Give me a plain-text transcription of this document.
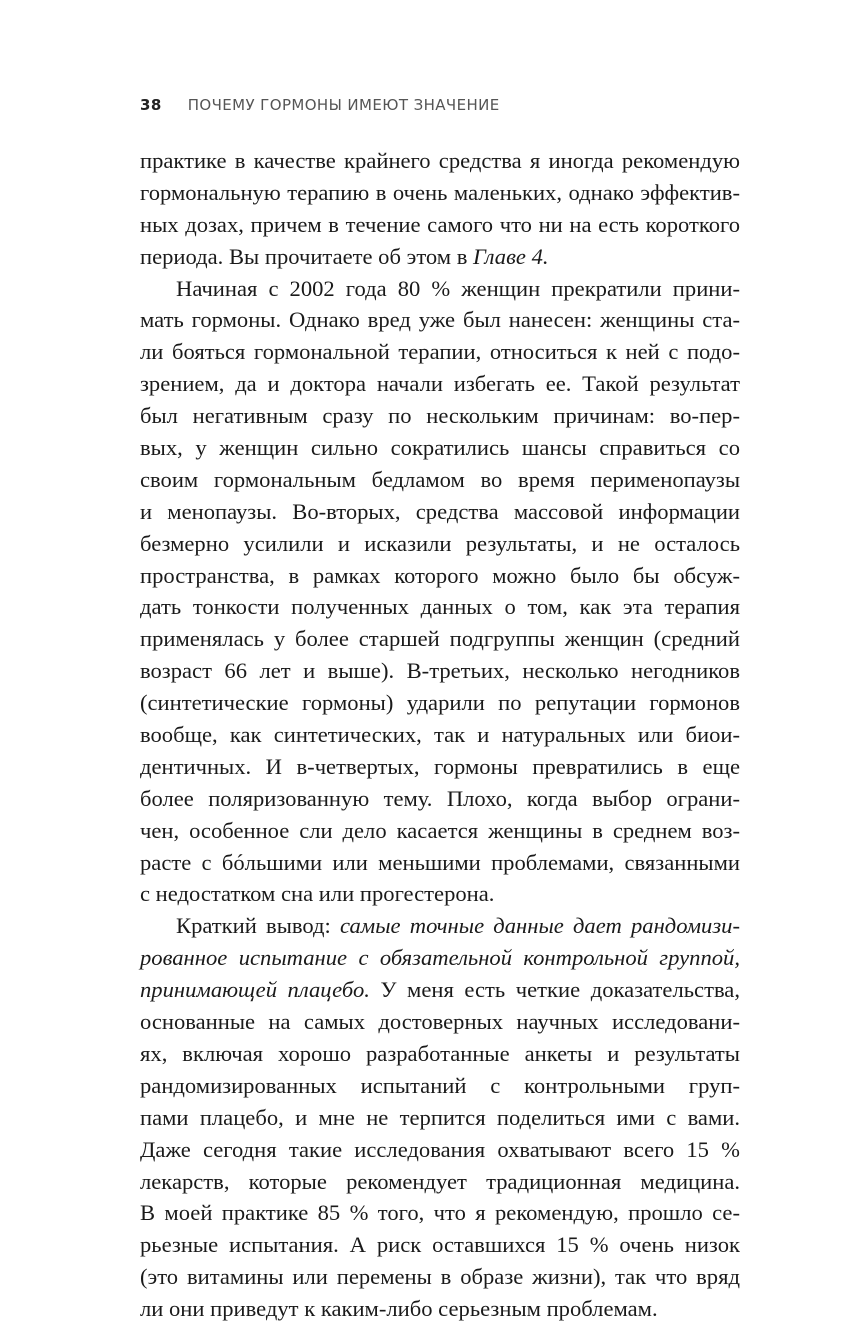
38 ПОЧЕМУ ГОРМОНЫ ИМЕЮТ ЗНАЧЕНИЕ
практике в качестве крайнего средства я иногда рекомендую
гормональную терапию в очень маленьких, однако эффектив-
ных дозах, причем в течение самого что ни на есть короткого
периода. Вы прочитаете об этом в Главе 4.
Начиная с 2002 года 80 % женщин прекратили прини-
мать гормоны. Однако вред уже был нанесен: женщины ста-
ли бояться гормональной терапии, относиться к ней с подо-
зрением, да и доктора начали избегать ее. Такой результат
был негативным сразу по нескольким причинам: во-пер-
вых, у женщин сильно сократились шансы справиться со
своим гормональным бедламом во время перименопаузы
и менопаузы. Во-вторых, средства массовой информации
безмерно усилили и исказили результаты, и не осталось
пространства, в рамках которого можно было бы обсуж-
дать тонкости полученных данных о том, как эта терапия
применялась у более старшей подгруппы женщин (средний
возраст 66 лет и выше). В-третьих, несколько негодников
(синтетические гормоны) ударили по репутации гормонов
вообще, как синтетических, так и натуральных или биои-
дентичных. И в-четвертых, гормоны превратились в еще
более поляризованную тему. Плохо, когда выбор ограни-
чен, особенное сли дело касается женщины в среднем воз-
расте с бóльшими или меньшими проблемами, связанными
с недостатком сна или прогестерона.
Краткий вывод: самые точные данные дает рандомизи-
рованное испытание с обязательной контрольной группой,
принимающей плацебо. У меня есть четкие доказательства,
основанные на самых достоверных научных исследовани-
ях, включая хорошо разработанные анкеты и результаты
рандомизированных испытаний с контрольными груп-
пами плацебо, и мне не терпится поделиться ими с вами.
Даже сегодня такие исследования охватывают всего 15 %
лекарств, которые рекомендует традиционная медицина.
В моей практике 85 % того, что я рекомендую, прошло се-
рьезные испытания. А риск оставшихся 15 % очень низок
(это витамины или перемены в образе жизни), так что вряд
ли они приведут к каким-либо серьезным проблемам.
